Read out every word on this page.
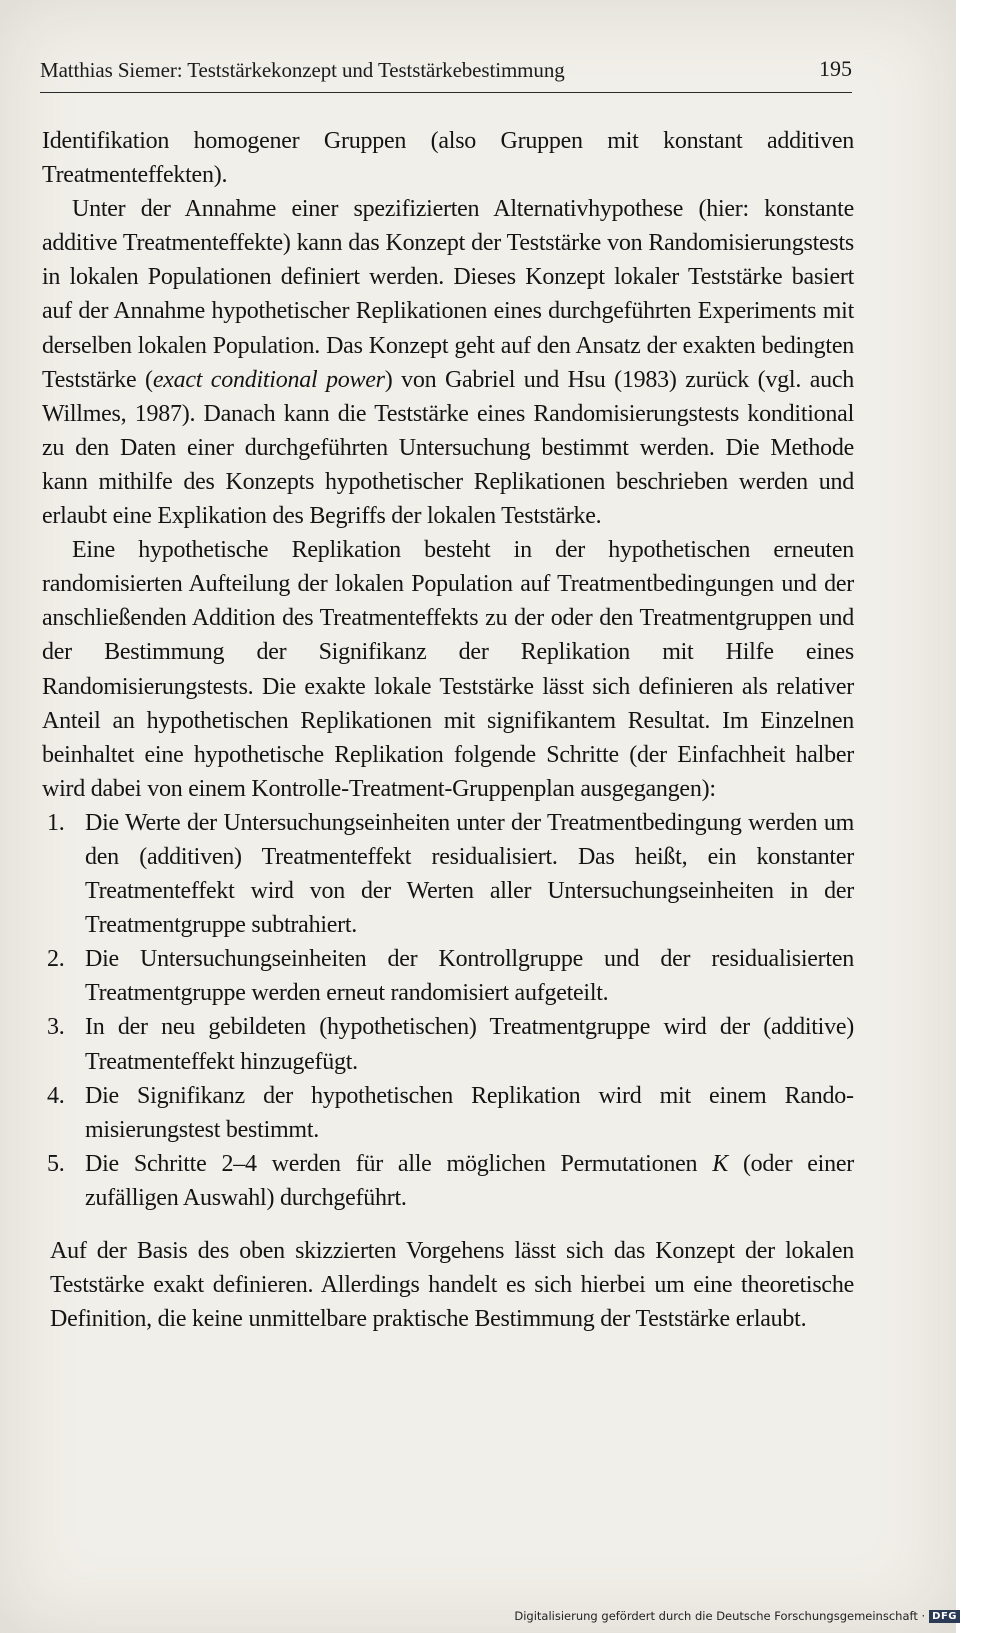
Matthias Siemer: Teststärkekonzept und Teststärkebestimmung	195

Identifikation homogener Gruppen (also Gruppen mit konstant additiven Treatmenteffekten).

Unter der Annahme einer spezifizierten Alternativhypothese (hier: konstante additive Treatmenteffekte) kann das Konzept der Teststärke von Randomisierungstests in lokalen Populationen definiert werden. Dieses Konzept lokaler Teststärke basiert auf der Annahme hypothetischer Replikationen eines durchgeführten Experiments mit derselben lokalen Population. Das Konzept geht auf den Ansatz der exakten bedingten Teststärke (exact conditional power) von Gabriel und Hsu (1983) zurück (vgl. auch Willmes, 1987). Danach kann die Teststärke eines Randomisierungstests konditional zu den Daten einer durchgeführten Untersuchung bestimmt werden. Die Methode kann mithilfe des Konzepts hypothetischer Replikationen beschrieben werden und erlaubt eine Explikation des Begriffs der lokalen Teststärke.

Eine hypothetische Replikation besteht in der hypothetischen erneuten randomisierten Aufteilung der lokalen Population auf Treatmentbedingungen und der anschließenden Addition des Treatmenteffekts zu der oder den Treatmentgruppen und der Bestimmung der Signifikanz der Replikation mit Hilfe eines Randomisierungstests. Die exakte lokale Teststärke lässt sich definieren als relativer Anteil an hypothetischen Replikationen mit signifikantem Resultat. Im Einzelnen beinhaltet eine hypothetische Replikation folgende Schritte (der Einfachheit halber wird dabei von einem Kontrolle-Treatment-Gruppenplan ausgegangen):

1. Die Werte der Untersuchungseinheiten unter der Treatmentbedingung werden um den (additiven) Treatmenteffekt residualisiert. Das heißt, ein konstanter Treatmenteffekt wird von der Werten aller Untersuchungseinheiten in der Treatmentgruppe subtrahiert.
2. Die Untersuchungseinheiten der Kontrollgruppe und der residualisierten Treatmentgruppe werden erneut randomisiert aufgeteilt.
3. In der neu gebildeten (hypothetischen) Treatmentgruppe wird der (additive) Treatmenteffekt hinzugefügt.
4. Die Signifikanz der hypothetischen Replikation wird mit einem Randomisierungstest bestimmt.
5. Die Schritte 2–4 werden für alle möglichen Permutationen K (oder einer zufälligen Auswahl) durchgeführt.

Auf der Basis des oben skizzierten Vorgehens lässt sich das Konzept der lokalen Teststärke exakt definieren. Allerdings handelt es sich hierbei um eine theoretische Definition, die keine unmittelbare praktische Bestimmung der Teststärke erlaubt.

Digitalisierung gefördert durch die Deutsche Forschungsgemeinschaft · DFG
